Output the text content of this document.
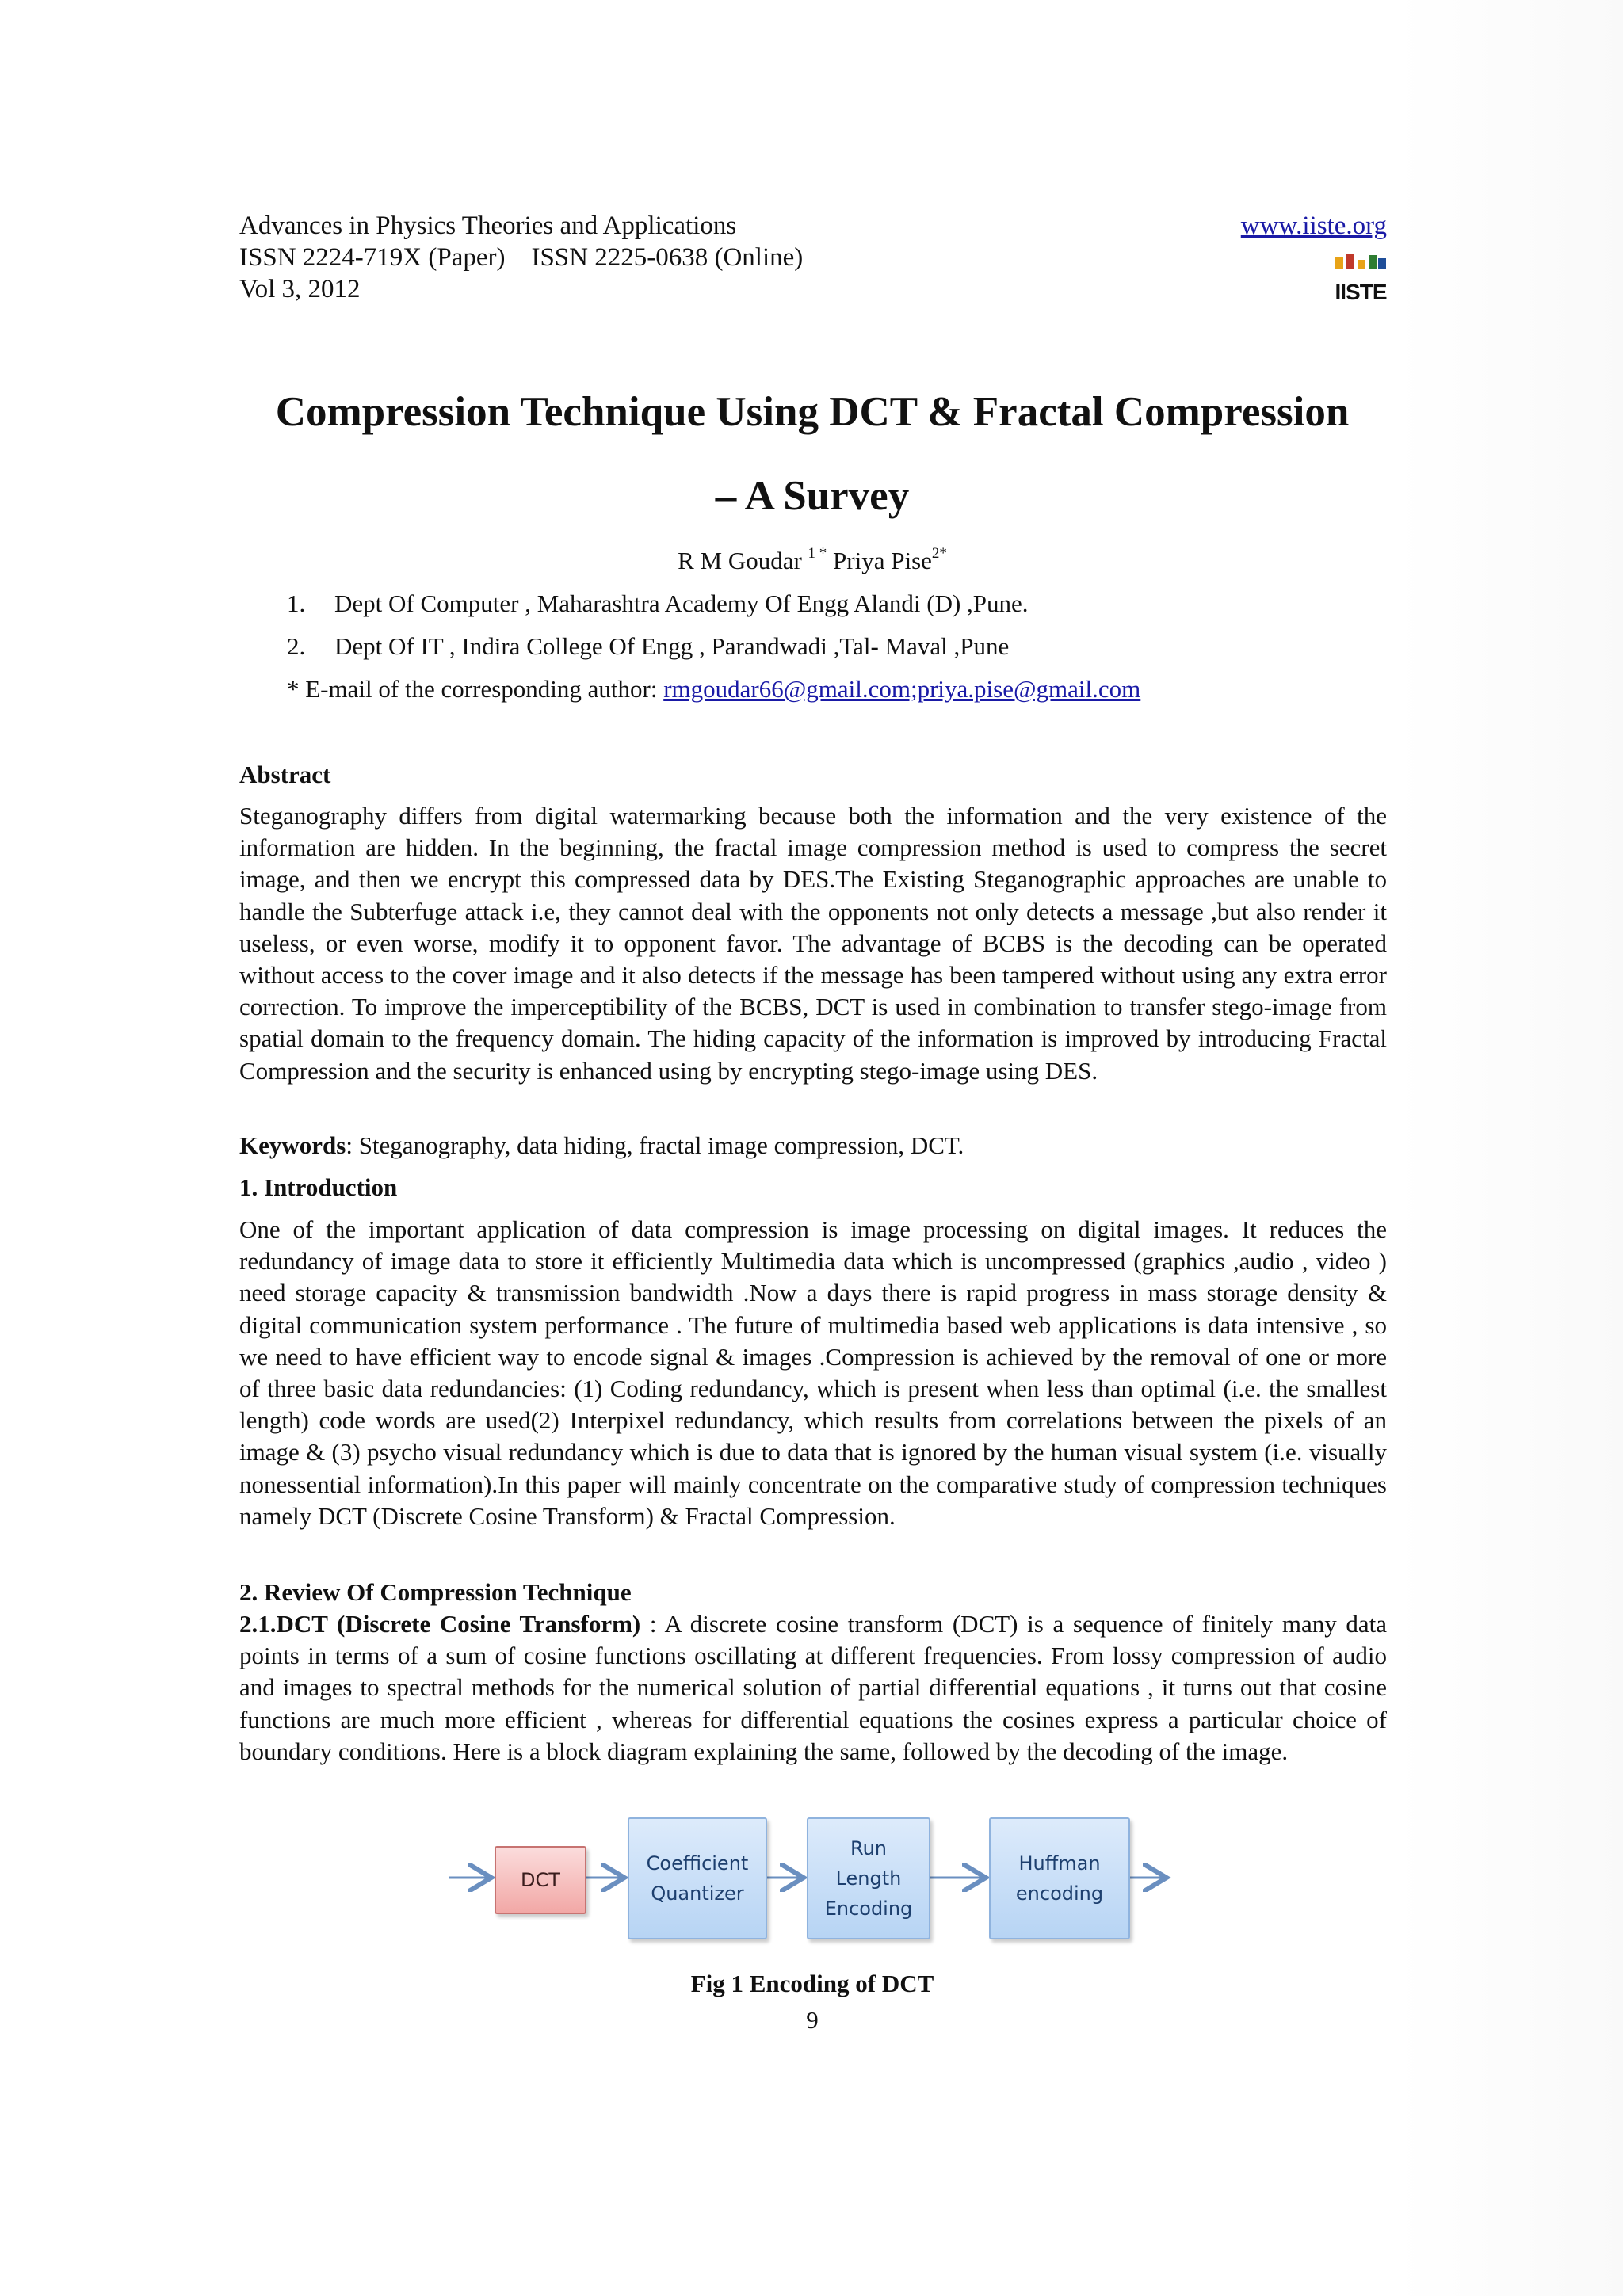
Advances in Physics Theories and Applications
ISSN 2224-719X (Paper)    ISSN 2225-0638 (Online)
Vol 3, 2012
www.iiste.org
IISTE
Compression Technique Using DCT & Fractal Compression
– A Survey
R M Goudar $^{1 *}$ Priya Pise$^{2*}$
1. Dept Of Computer , Maharashtra Academy Of Engg Alandi (D) ,Pune.
2. Dept Of IT , Indira College Of Engg , Parandwadi ,Tal- Maval ,Pune
* E-mail of the corresponding author: rmgoudar66@gmail.com;priya.pise@gmail.com
Abstract
Steganography differs from digital watermarking because both the information and the very existence of the information are hidden. In the beginning, the fractal image compression method is used to compress the secret image, and then we encrypt this compressed data by DES.The Existing Steganographic approaches are unable to handle the Subterfuge attack i.e, they cannot deal with the opponents not only detects a message ,but also render it useless, or even worse, modify it to opponent favor. The advantage of BCBS is the decoding can be operated without access to the cover image and it also detects if the message has been tampered without using any extra error correction. To improve the imperceptibility of the BCBS, DCT is used in combination to transfer stego-image from spatial domain to the frequency domain. The hiding capacity of the information is improved by introducing Fractal Compression and the security is enhanced using by encrypting stego-image using DES.
Keywords: Steganography, data hiding, fractal image compression, DCT.
1. Introduction
One of the important application of data compression is image processing on digital images. It reduces the redundancy of image data to store it efficiently Multimedia data which is uncompressed (graphics ,audio , video ) need storage capacity & transmission bandwidth .Now a days there is rapid progress in mass storage density & digital communication system performance . The future of multimedia based web applications is data intensive , so we need to have efficient way to encode signal & images .Compression is achieved by the removal of one or more of three basic data redundancies: (1) Coding redundancy, which is present when less than optimal (i.e. the smallest length) code words are used(2) Interpixel redundancy, which results from correlations between the pixels of an image & (3) psycho visual redundancy which is due to data that is ignored by the human visual system (i.e. visually nonessential information).In this paper will mainly concentrate on the comparative study of compression techniques namely DCT (Discrete Cosine Transform) & Fractal Compression.
2. Review Of Compression Technique
2.1.DCT (Discrete Cosine Transform) : A discrete cosine transform (DCT) is a sequence of finitely many data points in terms of a sum of cosine functions oscillating at different frequencies. From lossy compression of audio and images to spectral methods for the numerical solution of partial differential equations , it turns out that cosine functions are much more efficient , whereas for differential equations the cosines express a particular choice of boundary conditions. Here is a block diagram explaining the same, followed by the decoding of the image.
DCT
Coefficient
Quantizer
Run
Length
Encoding
Huffman
encoding
Fig 1 Encoding of DCT
9
